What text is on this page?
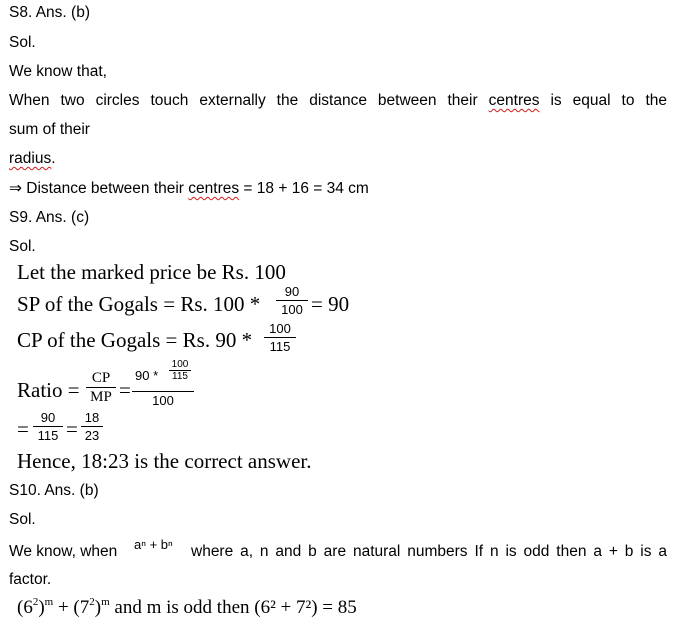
S8. Ans. (b)
Sol.
We know that,
When two circles touch externally the distance between their centres is equal to the
sum of their
radius.
⇒ Distance between their centres = 18 + 16 = 34 cm
S9. Ans. (c)
Sol.
Let the marked price be Rs. 100
SP of the Gogals = Rs. 100 *
90
100 = 90
CP of the Gogals = Rs. 90 *	100
115
Ratio = CP
MP =
90 *
100
115
100
= 90
115 = 18
23
Hence, 18:23 is the correct answer.
S10. Ans. (b)
Sol.
We know, when aⁿ + bⁿ where a, n and b are natural numbers If n is odd then a + b is a
factor.
$(6^2)^m + (7^2)^m$ and m is odd then (6² + 7²) = 85
